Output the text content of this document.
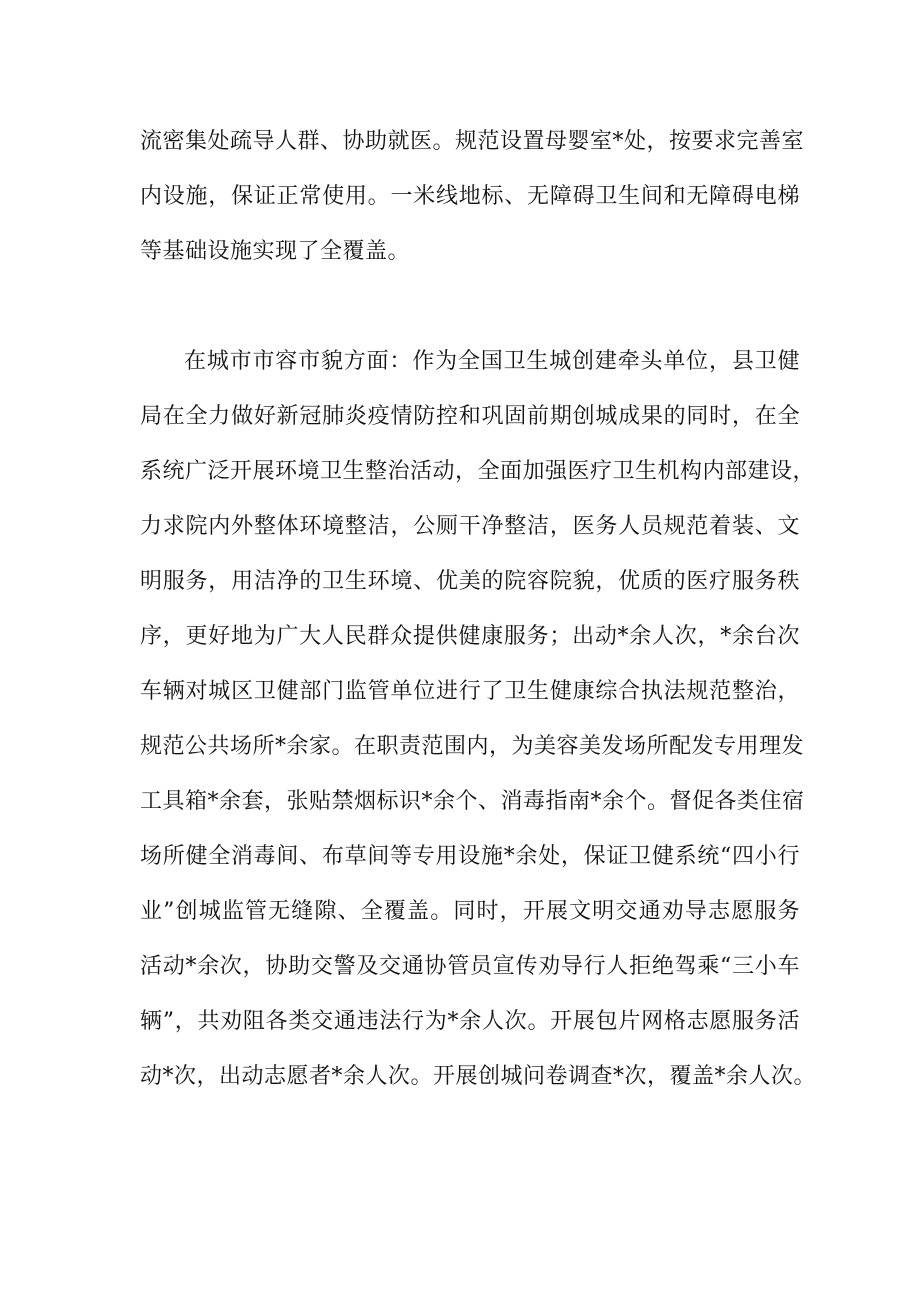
流密集处疏导人群、协助就医。规范设置母婴室*处，按要求完善室
内设施，保证正常使用。一米线地标、无障碍卫生间和无障碍电梯
等基础设施实现了全覆盖。
在城市市容市貌方面：作为全国卫生城创建牵头单位，县卫健
局在全力做好新冠肺炎疫情防控和巩固前期创城成果的同时，在全
系统广泛开展环境卫生整治活动，全面加强医疗卫生机构内部建设，
力求院内外整体环境整洁，公厕干净整洁，医务人员规范着装、文
明服务，用洁净的卫生环境、优美的院容院貌，优质的医疗服务秩
序，更好地为广大人民群众提供健康服务；出动*余人次，*余台次
车辆对城区卫健部门监管单位进行了卫生健康综合执法规范整治，
规范公共场所*余家。在职责范围内，为美容美发场所配发专用理发
工具箱*余套，张贴禁烟标识*余个、消毒指南*余个。督促各类住宿
场所健全消毒间、布草间等专用设施*余处，保证卫健系统“四小行
业”创城监管无缝隙、全覆盖。同时，开展文明交通劝导志愿服务
活动*余次，协助交警及交通协管员宣传劝导行人拒绝驾乘“三小车
辆”，共劝阻各类交通违法行为*余人次。开展包片网格志愿服务活
动*次，出动志愿者*余人次。开展创城问卷调查*次，覆盖*余人次。
